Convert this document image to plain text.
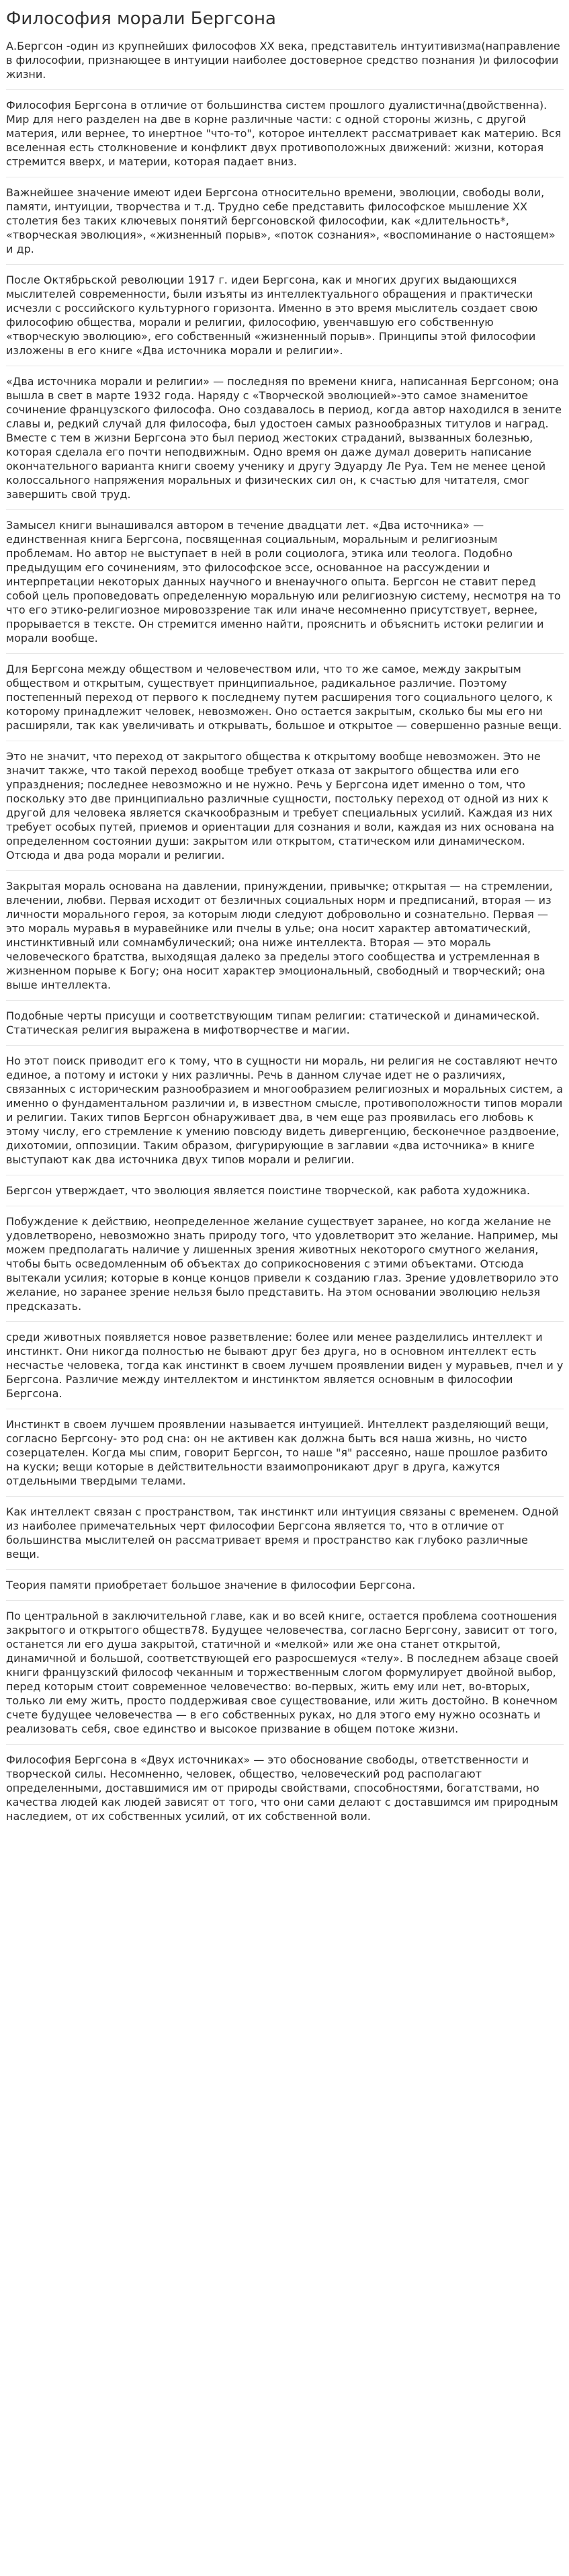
Философия морали Бергсона

А.Бергсон -один из крупнейших философов XX века, представитель интуитивизма(направление в философии, признающее в интуиции наиболее достоверное средство познания )и философии жизни.

Философия Бергсона в отличие от большинства систем прошлого дуалистична(двойственна). Мир для него разделен на две в корне различные части: с одной стороны жизнь, с другой материя, или вернее, то инертное "что-то", которое интеллект рассматривает как материю. Вся вселенная есть столкновение и конфликт двух противоположных движений: жизни, которая стремится вверх, и материи, которая падает вниз.

Важнейшее значение имеют идеи Бергсона относительно времени, эволюции, свободы воли, памяти, интуиции, творчества и т.д. Трудно себе представить философское мышление XX столетия без таких ключевых понятий бергсоновской философии, как «длительность*, «творческая эволюция», «жизненный порыв», «поток сознания», «воспоминание о настоящем» и др.

После Октябрьской революции 1917 г. идеи Бергсона, как и многих других выдающихся мыслителей современности, были изъяты из интеллектуального обращения и практически исчезли с российского культурного горизонта. Именно в это время мыслитель создает свою философию общества, морали и религии, философию, увенчавшую его собственную «творческую эволюцию», его собственный «жизненный порыв». Принципы этой философии изложены в его книге «Два источника морали и религии».

«Два источника морали и религии» — последняя по времени книга, написанная Бергсоном; она вышла в свет в марте 1932 года. Наряду с «Творческой эволюцией»-это самое знаменитое сочинение французского философа. Оно создавалось в период, когда автор находился в зените славы и, редкий случай для философа, был удостоен самых разнообразных титулов и наград. Вместе с тем в жизни Бергсона это был период жестоких страданий, вызванных болезнью, которая сделала его почти неподвижным. Одно время он даже думал доверить написание окончательного варианта книги своему ученику и другу Эдуарду Ле Руа. Тем не менее ценой колоссального напряжения моральных и физических сил он, к счастью для читателя, смог завершить свой труд.

Замысел книги вынашивался автором в течение двадцати лет. «Два источника» — единственная книга Бергсона, посвященная социальным, моральным и религиозным проблемам. Но автор не выступает в ней в роли социолога, этика или теолога. Подобно предыдущим его сочинениям, это философское эссе, основанное на рассуждении и интерпретации некоторых данных научного и вненаучного опыта. Бергсон не ставит перед собой цель проповедовать определенную моральную или религиозную систему, несмотря на то что его этико-религиозное мировоззрение так или иначе несомненно присутствует, вернее, прорывается в тексте. Он стремится именно найти, прояснить и объяснить истоки религии и морали вообще.

Для Бергсона между обществом и человечеством или, что то же самое, между закрытым обществом и открытым, существует принципиальное, радикальное различие. Поэтому постепенный переход от первого к последнему путем расширения того социального целого, к которому принадлежит человек, невозможен. Оно остается закрытым, сколько бы мы его ни расширяли, так как увеличивать и открывать, большое и открытое — совершенно разные вещи.

Это не значит, что переход от закрытого общества к открытому вообще невозможен. Это не значит также, что такой переход вообще требует отказа от закрытого общества или его упразднения; последнее невозможно и не нужно. Речь у Бергсона идет именно о том, что поскольку это две принципиально различные сущности, постольку переход от одной из них к другой для человека является скачкообразным и требует специальных усилий. Каждая из них требует особых путей, приемов и ориентации для сознания и воли, каждая из них основана на определенном состоянии души: закрытом или открытом, статическом или динамическом. Отсюда и два рода морали и религии.

Закрытая мораль основана на давлении, принуждении, привычке; открытая — на стремлении, влечении, любви. Первая исходит от безличных социальных норм и предписаний, вторая — из личности морального героя, за которым люди следуют добровольно и сознательно. Первая — это мораль муравья в муравейнике или пчелы в улье; она носит характер автоматический, инстинктивный или сомнамбулический; она ниже интеллекта. Вторая — это мораль человеческого братства, выходящая далеко за пределы этого сообщества и устремленная в жизненном порыве к Богу; она носит характер эмоциональный, свободный и творческий; она выше интеллекта.

Подобные черты присущи и соответствующим типам религии: статической и динамической. Статическая религия выражена в мифотворчестве и магии.

Но этот поиск приводит его к тому, что в сущности ни мораль, ни религия не составляют нечто единое, а потому и истоки у них различны. Речь в данном случае идет не о различиях, связанных с историческим разнообразием и многообразием религиозных и моральных систем, а именно о фундаментальном различии и, в известном смысле, противоположности типов морали и религии. Таких типов Бергсон обнаруживает два, в чем еще раз проявилась его любовь к этому числу, его стремление к умению повсюду видеть дивергенцию, бесконечное раздвоение, дихотомии, оппозиции. Таким образом, фигурирующие в заглавии «два источника» в книге выступают как два источника двух типов морали и религии.

Бергсон утверждает, что эволюция является поистине творческой, как работа художника.

Побуждение к действию, неопределенное желание существует заранее, но когда желание не удовлетворено, невозможно знать природу того, что удовлетворит это желание. Например, мы можем предполагать наличие у лишенных зрения животных некоторого смутного желания, чтобы быть осведомленным об объектах до соприкосновения с этими объектами. Отсюда вытекали усилия; которые в конце концов привели к созданию глаз. Зрение удовлетворило это желание, но заранее зрение нельзя было представить. На этом основании эволюцию нельзя предсказать.

среди животных появляется новое разветвление: более или менее разделились интеллект и инстинкт. Они никогда полностью не бывают друг без друга, но в основном интеллект есть несчастье человека, тогда как инстинкт в своем лучшем проявлении виден у муравьев, пчел и у Бергсона. Различие между интеллектом и инстинктом является основным в философии Бергсона.

Инстинкт в своем лучшем проявлении называется интуицией. Интеллект разделяющий вещи, согласно Бергсону- это род сна: он не активен как должна быть вся наша жизнь, но чисто созерцателен. Когда мы спим, говорит Бергсон, то наше "я" рассеяно, наше прошлое разбито на куски; вещи которые в действительности взаимопроникают друг в друга, кажутся отдельными твердыми телами.

Как интеллект связан с пространством, так инстинкт или интуиция связаны с временем. Одной из наиболее примечательных черт философии Бергсона является то, что в отличие от большинства мыслителей он рассматривает время и пространство как глубоко различные вещи.

Теория памяти приобретает большое значение в философии Бергсона.

По центральной в заключительной главе, как и во всей книге, остается проблема соотношения закрытого и открытого обществ78. Будущее человечества, согласно Бергсону, зависит от того, останется ли его душа закрытой, статичной и «мелкой» или же она станет открытой, динамичной и большой, соответствующей его разросшемуся «телу». В последнем абзаце своей книги французский философ чеканным и торжественным слогом формулирует двойной выбор, перед которым стоит современное человечество: во-первых, жить ему или нет, во-вторых, только ли ему жить, просто поддерживая свое существование, или жить достойно. В конечном счете будущее человечества — в его собственных руках, но для этого ему нужно осознать и реализовать себя, свое единство и высокое призвание в общем потоке жизни.

Философия Бергсона в «Двух источниках» — это обоснование свободы, ответственности и творческой силы. Несомненно, человек, общество, человеческий род располагают определенными, доставшимися им от природы свойствами, способностями, богатствами, но качества людей как людей зависят от того, что они сами делают с доставшимся им природным наследием, от их собственных усилий, от их собственной воли.
